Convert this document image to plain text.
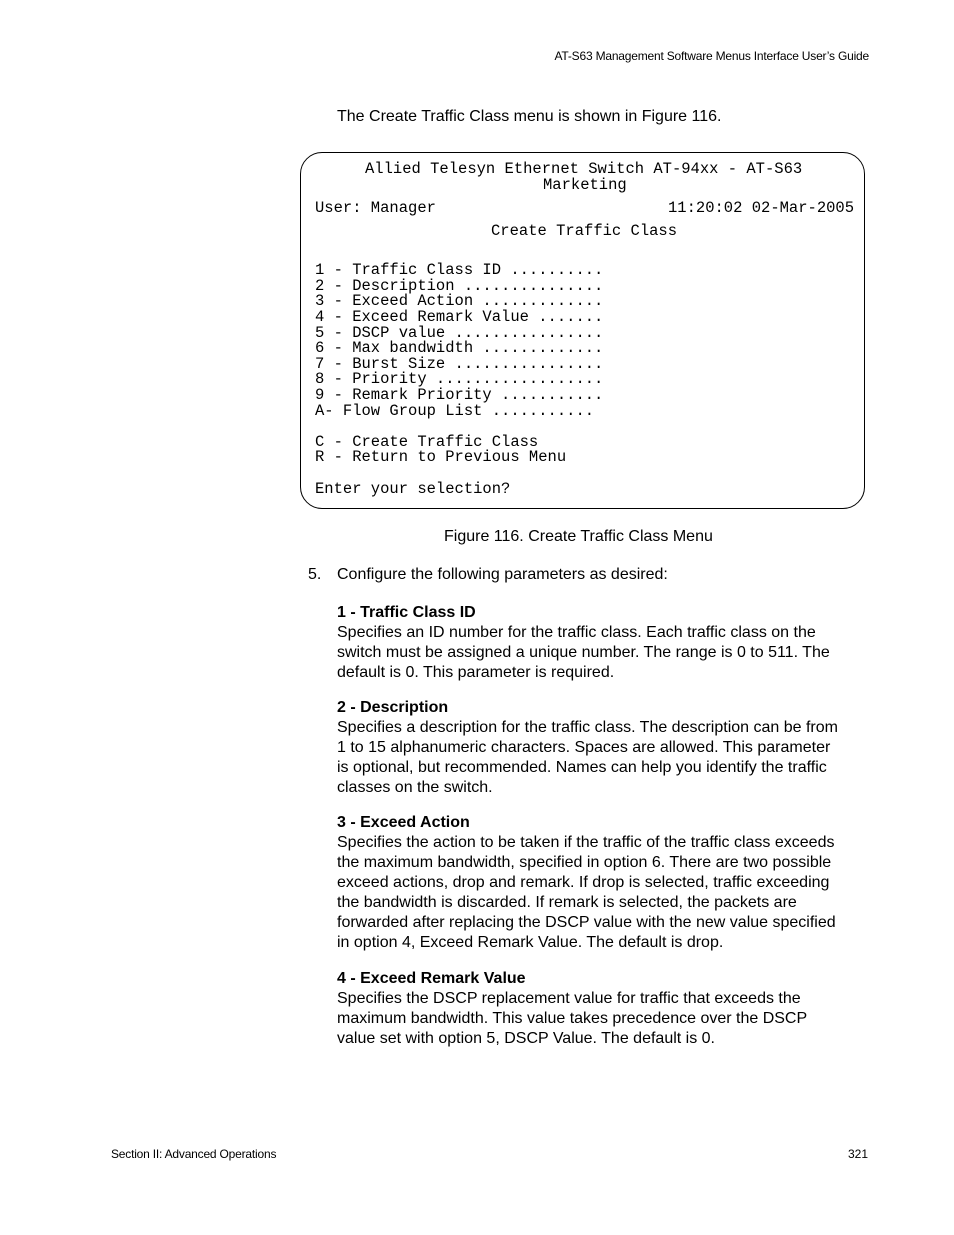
AT-S63 Management Software Menus Interface User’s Guide
The Create Traffic Class menu is shown in Figure 116.
Allied Telesyn Ethernet Switch AT-94xx - AT-S63
Marketing
User: Manager	11:20:02 02-Mar-2005
Create Traffic Class
1 - Traffic Class ID ..........
2 - Description ...............
3 - Exceed Action .............
4 - Exceed Remark Value .......
5 - DSCP value ................
6 - Max bandwidth .............
7 - Burst Size ................
8 - Priority ..................
9 - Remark Priority ...........
A- Flow Group List ...........
C - Create Traffic Class
R - Return to Previous Menu
Enter your selection?
Figure 116. Create Traffic Class Menu
5. Configure the following parameters as desired:
1 - Traffic Class ID
Specifies an ID number for the traffic class. Each traffic class on the
switch must be assigned a unique number. The range is 0 to 511. The
default is 0. This parameter is required.
2 - Description
Specifies a description for the traffic class. The description can be from
1 to 15 alphanumeric characters. Spaces are allowed. This parameter
is optional, but recommended. Names can help you identify the traffic
classes on the switch.
3 - Exceed Action
Specifies the action to be taken if the traffic of the traffic class exceeds
the maximum bandwidth, specified in option 6. There are two possible
exceed actions, drop and remark. If drop is selected, traffic exceeding
the bandwidth is discarded. If remark is selected, the packets are
forwarded after replacing the DSCP value with the new value specified
in option 4, Exceed Remark Value. The default is drop.
4 - Exceed Remark Value
Specifies the DSCP replacement value for traffic that exceeds the
maximum bandwidth. This value takes precedence over the DSCP
value set with option 5, DSCP Value. The default is 0.
Section II: Advanced Operations	321
